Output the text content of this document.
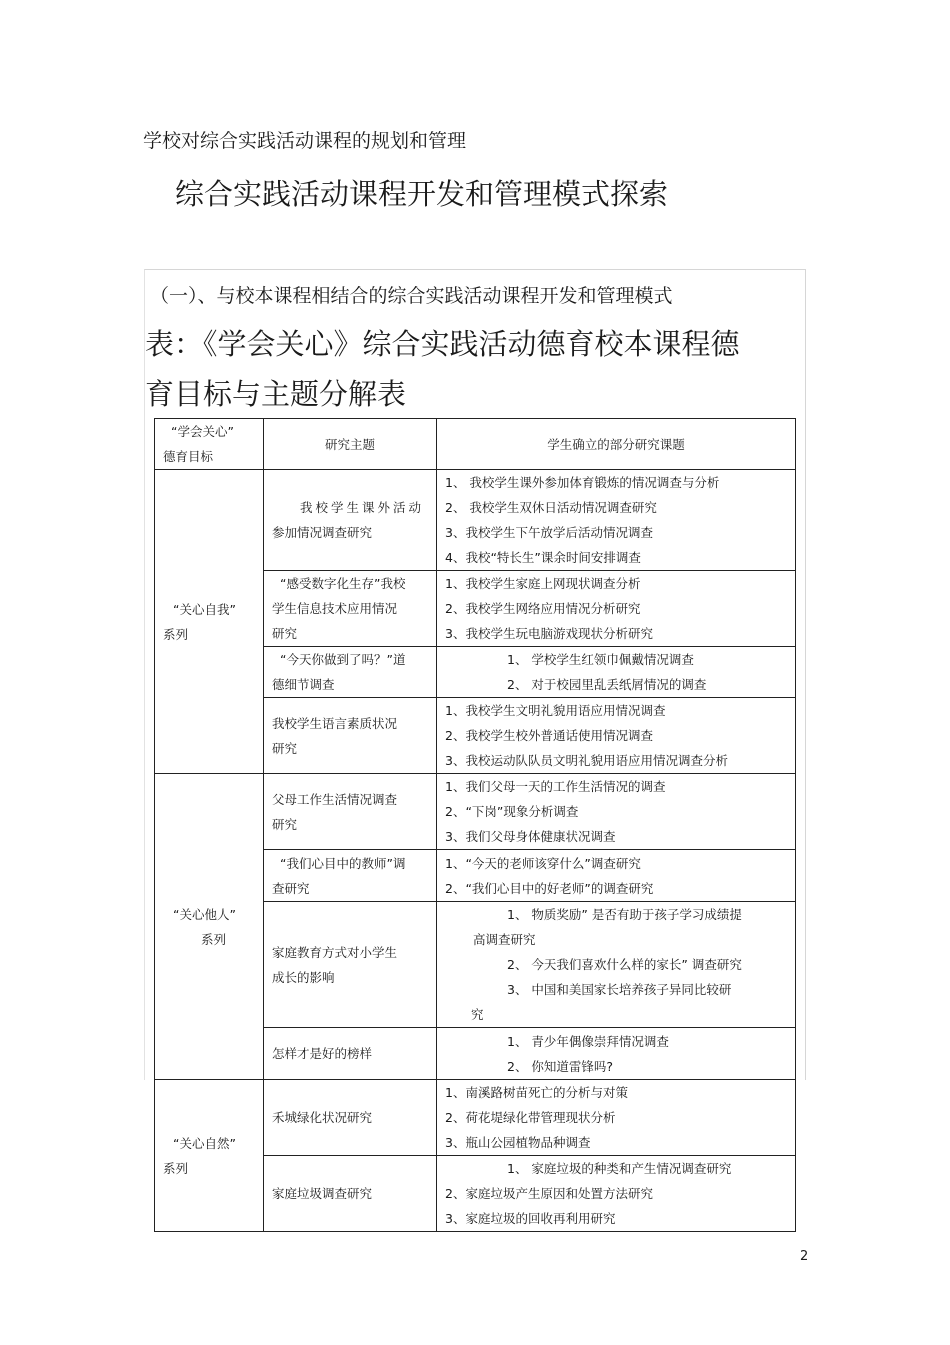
学校对综合实践活动课程的规划和管理
综合实践活动课程开发和管理模式探索
（一）、与校本课程相结合的综合实践活动课程开发和管理模式
表：《学会关心》综合实践活动德育校本课程德
育目标与主题分解表
“学会关心”
德育目标	研究主题	学生确立的部分研究课题

“关心自我”
系列	我校学生课外活动
参加情况调查研究	1、 我校学生课外参加体育锻炼的情况调查与分析
2、 我校学生双休日活动情况调查研究
3、我校学生下午放学后活动情况调查
4、我校“特长生”课余时间安排调查

	“感受数字化生存”我校
学生信息技术应用情况
研究	1、我校学生家庭上网现状调查分析
2、我校学生网络应用情况分析研究
3、我校学生玩电脑游戏现状分析研究

	“今天你做到了吗？”道
德细节调查	1、 学校学生红领巾佩戴情况调查
2、 对于校园里乱丢纸屑情况的调查

	我校学生语言素质状况
研究	1、我校学生文明礼貌用语应用情况调查
2、我校学生校外普通话使用情况调查
3、我校运动队队员文明礼貌用语应用情况调查分析

“关心他人”
系列	父母工作生活情况调查
研究	1、我们父母一天的工作生活情况的调查
2、“下岗”现象分析调查
3、我们父母身体健康状况调查

	“我们心目中的教师”调
查研究	1、“今天的老师该穿什么”调查研究
2、“我们心目中的好老师”的调查研究

	家庭教育方式对小学生
成长的影响	1、 物质奖励” 是否有助于孩子学习成绩提
高调查研究
2、 今天我们喜欢什么样的家长” 调查研究
3、 中国和美国家长培养孩子异同比较研
究

	怎样才是好的榜样	1、 青少年偶像崇拜情况调查
2、 你知道雷锋吗?

“关心自然”
系列	禾城绿化状况研究	1、南溪路树苗死亡的分析与对策
2、荷花堤绿化带管理现状分析
3、瓶山公园植物品种调查

	家庭垃圾调查研究	1、 家庭垃圾的种类和产生情况调查研究
2、家庭垃圾产生原因和处置方法研究
3、家庭垃圾的回收再利用研究
2
